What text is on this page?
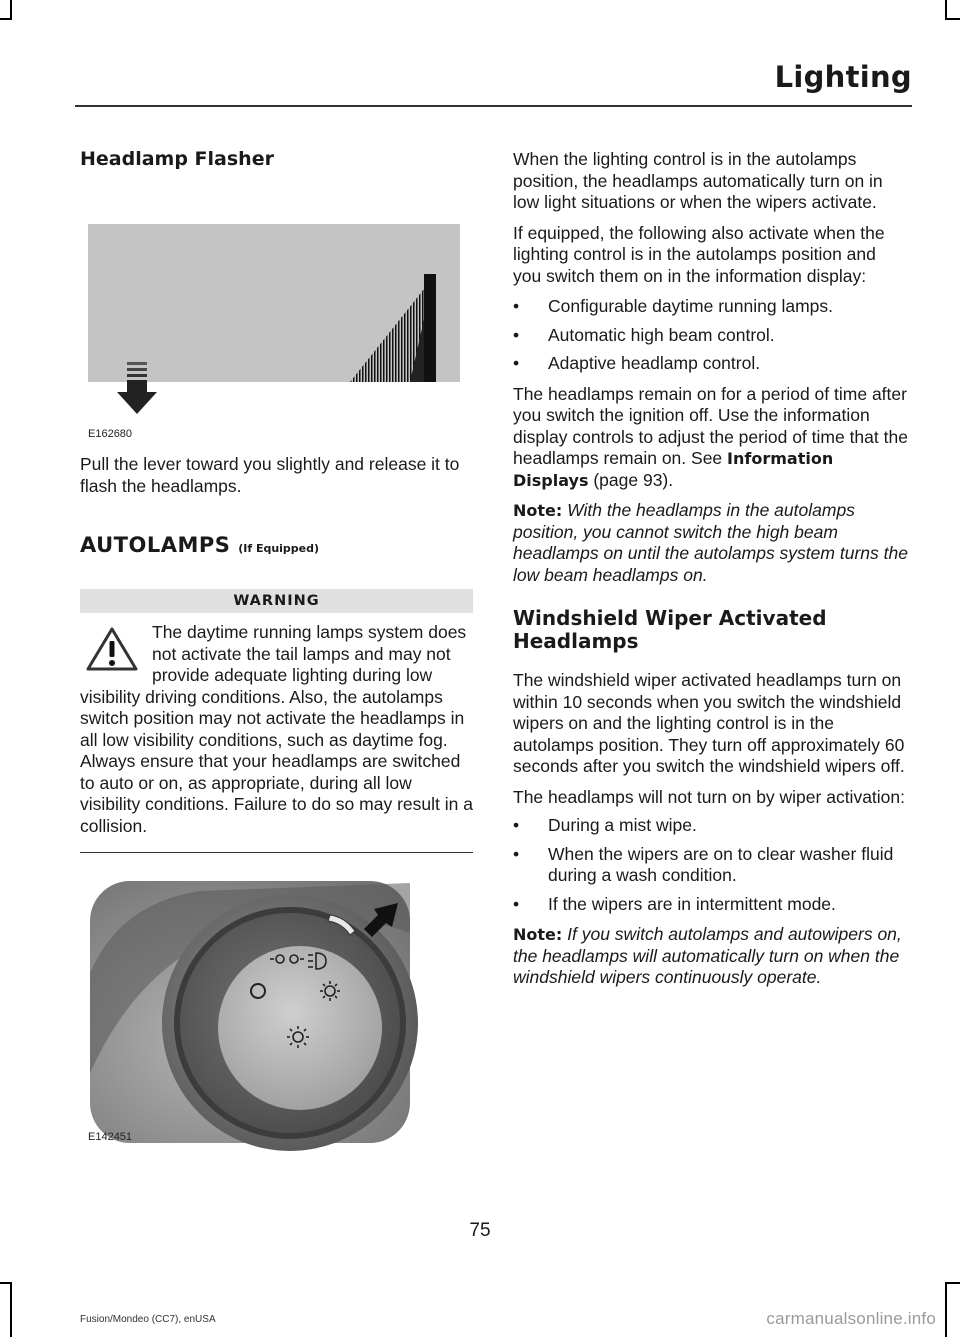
Lighting
Headlamp Flasher
E162680

Pull the lever toward you slightly and release it to flash the headlamps.

AUTOLAMPS (If Equipped)
WARNING

The daytime running lamps system does not activate the tail lamps and may not provide adequate lighting during low visibility driving conditions. Also, the autolamps switch position may not activate the headlamps in all low visibility conditions, such as daytime fog. Always ensure that your headlamps are switched to auto or on, as appropriate, during all low visibility conditions. Failure to do so may result in a collision.

E142451

When the lighting control is in the autolamps position, the headlamps automatically turn on in low light situations or when the wipers activate.

If equipped, the following also activate when the lighting control is in the autolamps position and you switch them on in the information display:

• Configurable daytime running lamps.
• Automatic high beam control.
• Adaptive headlamp control.

The headlamps remain on for a period of time after you switch the ignition off. Use the information display controls to adjust the period of time that the headlamps remain on. See Information Displays (page 93).

Note: With the headlamps in the autolamps position, you cannot switch the high beam headlamps on until the autolamps system turns the low beam headlamps on.

Windshield Wiper Activated Headlamps

The windshield wiper activated headlamps turn on within 10 seconds when you switch the windshield wipers on and the lighting control is in the autolamps position. They turn off approximately 60 seconds after you switch the windshield wipers off.

The headlamps will not turn on by wiper activation:

• During a mist wipe.
• When the wipers are on to clear washer fluid during a wash condition.
• If the wipers are in intermittent mode.

Note: If you switch autolamps and autowipers on, the headlamps will automatically turn on when the windshield wipers continuously operate.

75
Fusion/Mondeo (CC7), enUSA	carmanualsonline.info
